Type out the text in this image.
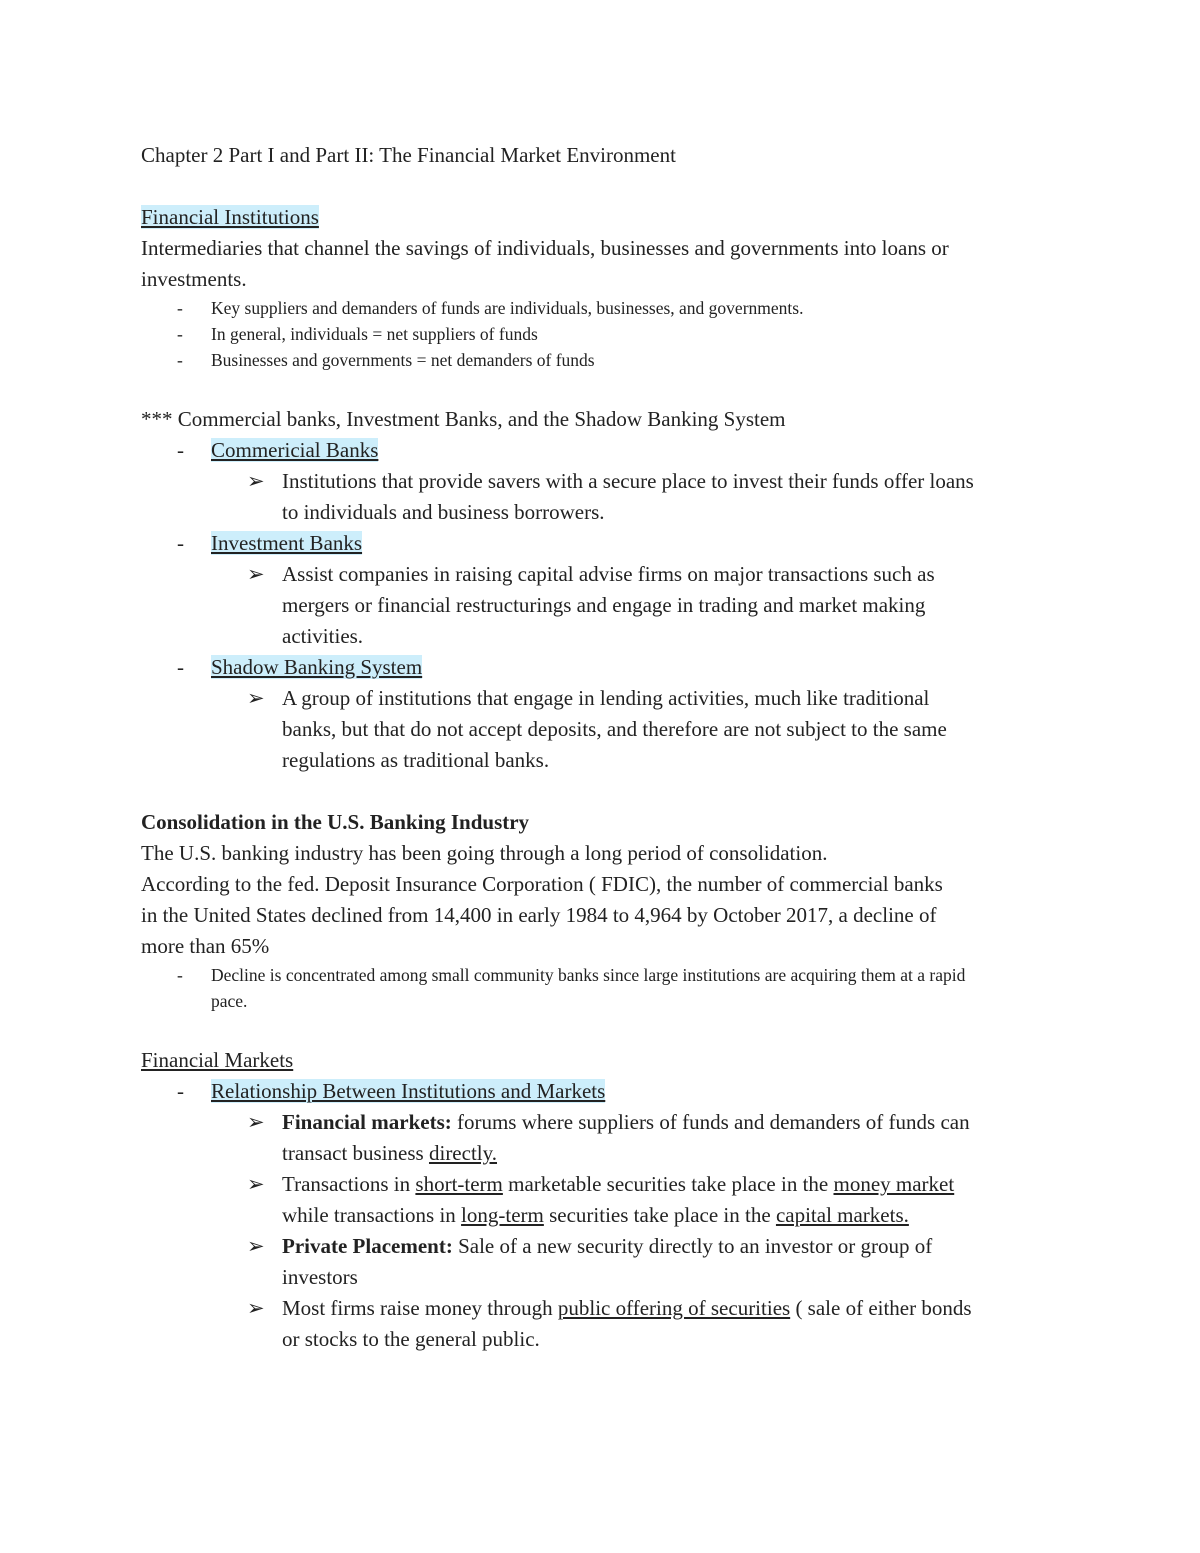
Chapter 2 Part I and Part II: The Financial Market Environment
Financial Institutions
Intermediaries that channel the savings of individuals, businesses and governments into loans or
investments.
- Key suppliers and demanders of funds are individuals, businesses, and governments.
- In general, individuals = net suppliers of funds
- Businesses and governments = net demanders of funds
*** Commercial banks, Investment Banks, and the Shadow Banking System
- Commericial Banks
➢ Institutions that provide savers with a secure place to invest their funds offer loans
to individuals and business borrowers.
- Investment Banks
➢ Assist companies in raising capital advise firms on major transactions such as
mergers or financial restructurings and engage in trading and market making
activities.
- Shadow Banking System
➢ A group of institutions that engage in lending activities, much like traditional
banks, but that do not accept deposits, and therefore are not subject to the same
regulations as traditional banks.
Consolidation in the U.S. Banking Industry
The U.S. banking industry has been going through a long period of consolidation.
According to the fed. Deposit Insurance Corporation ( FDIC), the number of commercial banks
in the United States declined from 14,400 in early 1984 to 4,964 by October 2017, a decline of
more than 65%
- Decline is concentrated among small community banks since large institutions are acquiring them at a rapid
pace.
Financial Markets
- Relationship Between Institutions and Markets
➢ Financial markets: forums where suppliers of funds and demanders of funds can
transact business directly.
➢ Transactions in short-term marketable securities take place in the money market
while transactions in long-term securities take place in the capital markets.
➢ Private Placement: Sale of a new security directly to an investor or group of
investors
➢ Most firms raise money through public offering of securities ( sale of either bonds
or stocks to the general public.
